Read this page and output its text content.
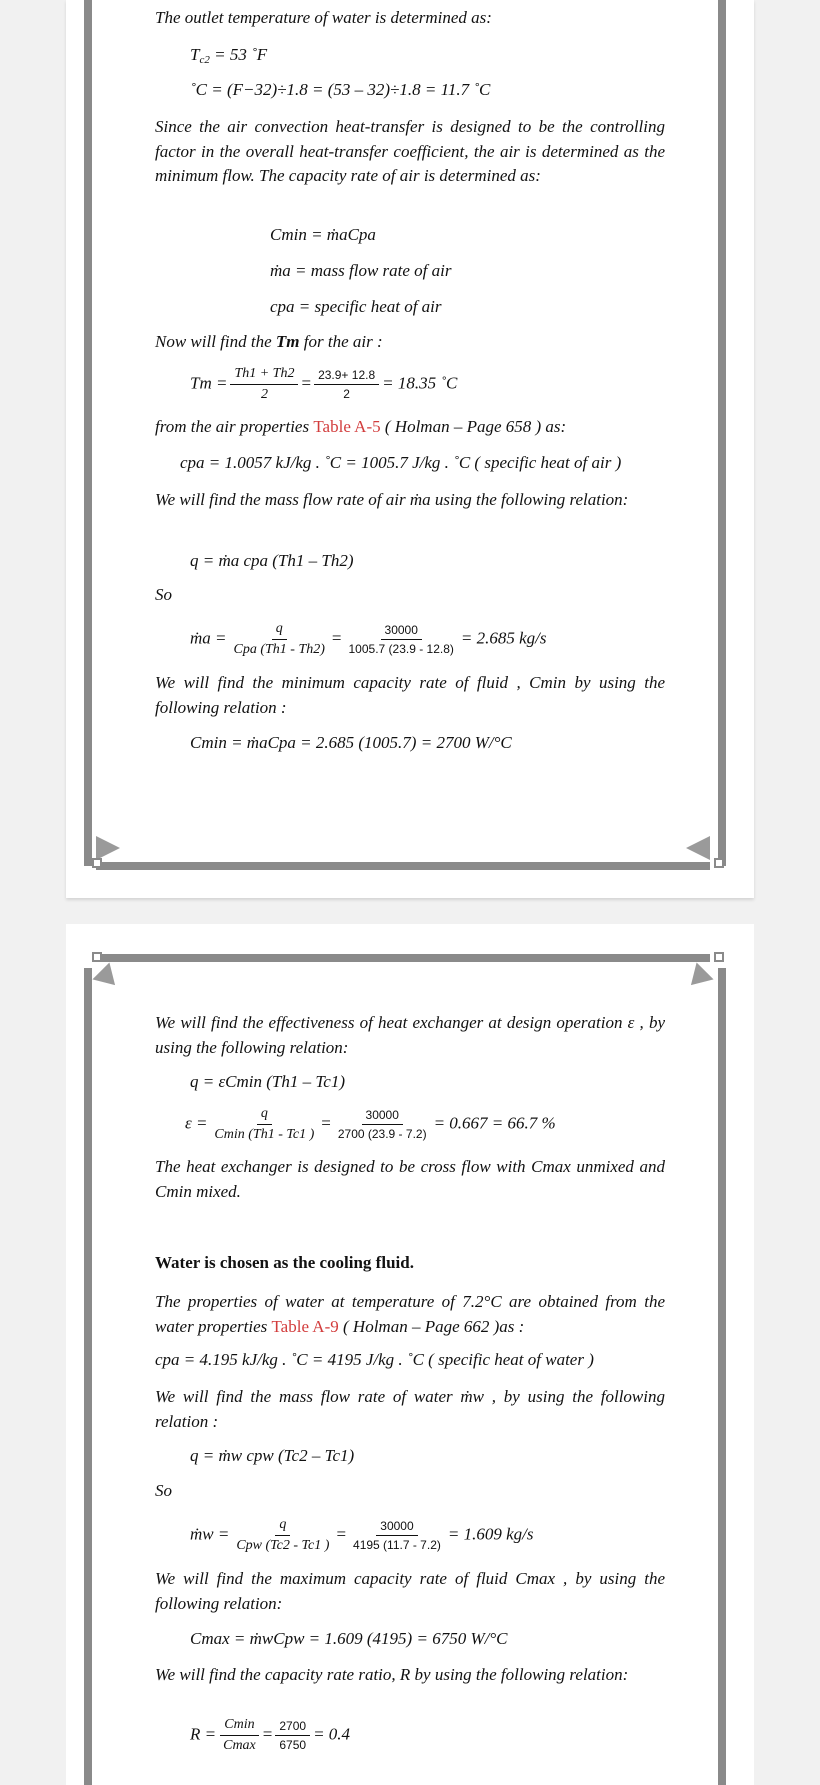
The outlet temperature of water is determined as:
$T_{c2} = 53$ ˚F
˚C = (F−32)÷1.8 = (53 – 32)÷1.8 = 11.7 ˚C
Since the air convection heat-transfer is designed to be the controlling factor in the overall heat-transfer coefficient, the air is determined as the minimum flow. The capacity rate of air is determined as:
Cmin = ṁaCpa
ṁa = mass flow rate of air
cpa = specific heat of air
Now will find the Tm for the air :
$Tm = \frac{Th1 + Th2}{2} = \frac{23.9+ 12.8}{2} = 18.35$ ˚C
from the air properties Table A-5 ( Holman – Page 658 ) as:
cpa = 1.0057 kJ/kg . ˚C = 1005.7 J/kg . ˚C ( specific heat of air )
We will find the mass flow rate of air ṁa using the following relation:
q = ṁa cpa (Th1 – Th2)
So
ṁa = $\frac{q}{\text{Cpa (Th1 - Th2)}} = \frac{30000}{1005.7 (23.9 - 12.8)} = 2.685$ kg/s
We will find the minimum capacity rate of fluid , Cmin by using the following relation :
Cmin = ṁaCpa = 2.685 (1005.7) = 2700 W/°C
We will find the effectiveness of heat exchanger at design operation ε , by using the following relation:
q = εCmin (Th1 – Tc1)
$\varepsilon = \frac{q}{Cmin (Th1 - Tc1 )} = \frac{30000}{2700 (23.9 - 7.2)} = 0.667 = 66.7$ %
The heat exchanger is designed to be cross flow with Cmax unmixed and Cmin mixed.
Water is chosen as the cooling fluid.
The properties of water at temperature of 7.2°C are obtained from the water properties Table A-9 ( Holman – Page 662 )as :
cpa = 4.195 kJ/kg . ˚C = 4195 J/kg . ˚C ( specific heat of water )
We will find the mass flow rate of water ṁw , by using the following relation :
q = ṁw cpw (Tc2 – Tc1)
So
ṁw = $\frac{q}{\text{Cpw (Tc2 - Tc1 )}} = \frac{30000}{4195 (11.7 - 7.2)} = 1.609$ kg/s
We will find the maximum capacity rate of fluid Cmax , by using the following relation:
Cmax = ṁwCpw = 1.609 (4195) = 6750 W/°C
We will find the capacity rate ratio, R by using the following relation:
$R = \frac{Cmin}{Cmax} = \frac{2700}{6750} = 0.4$
